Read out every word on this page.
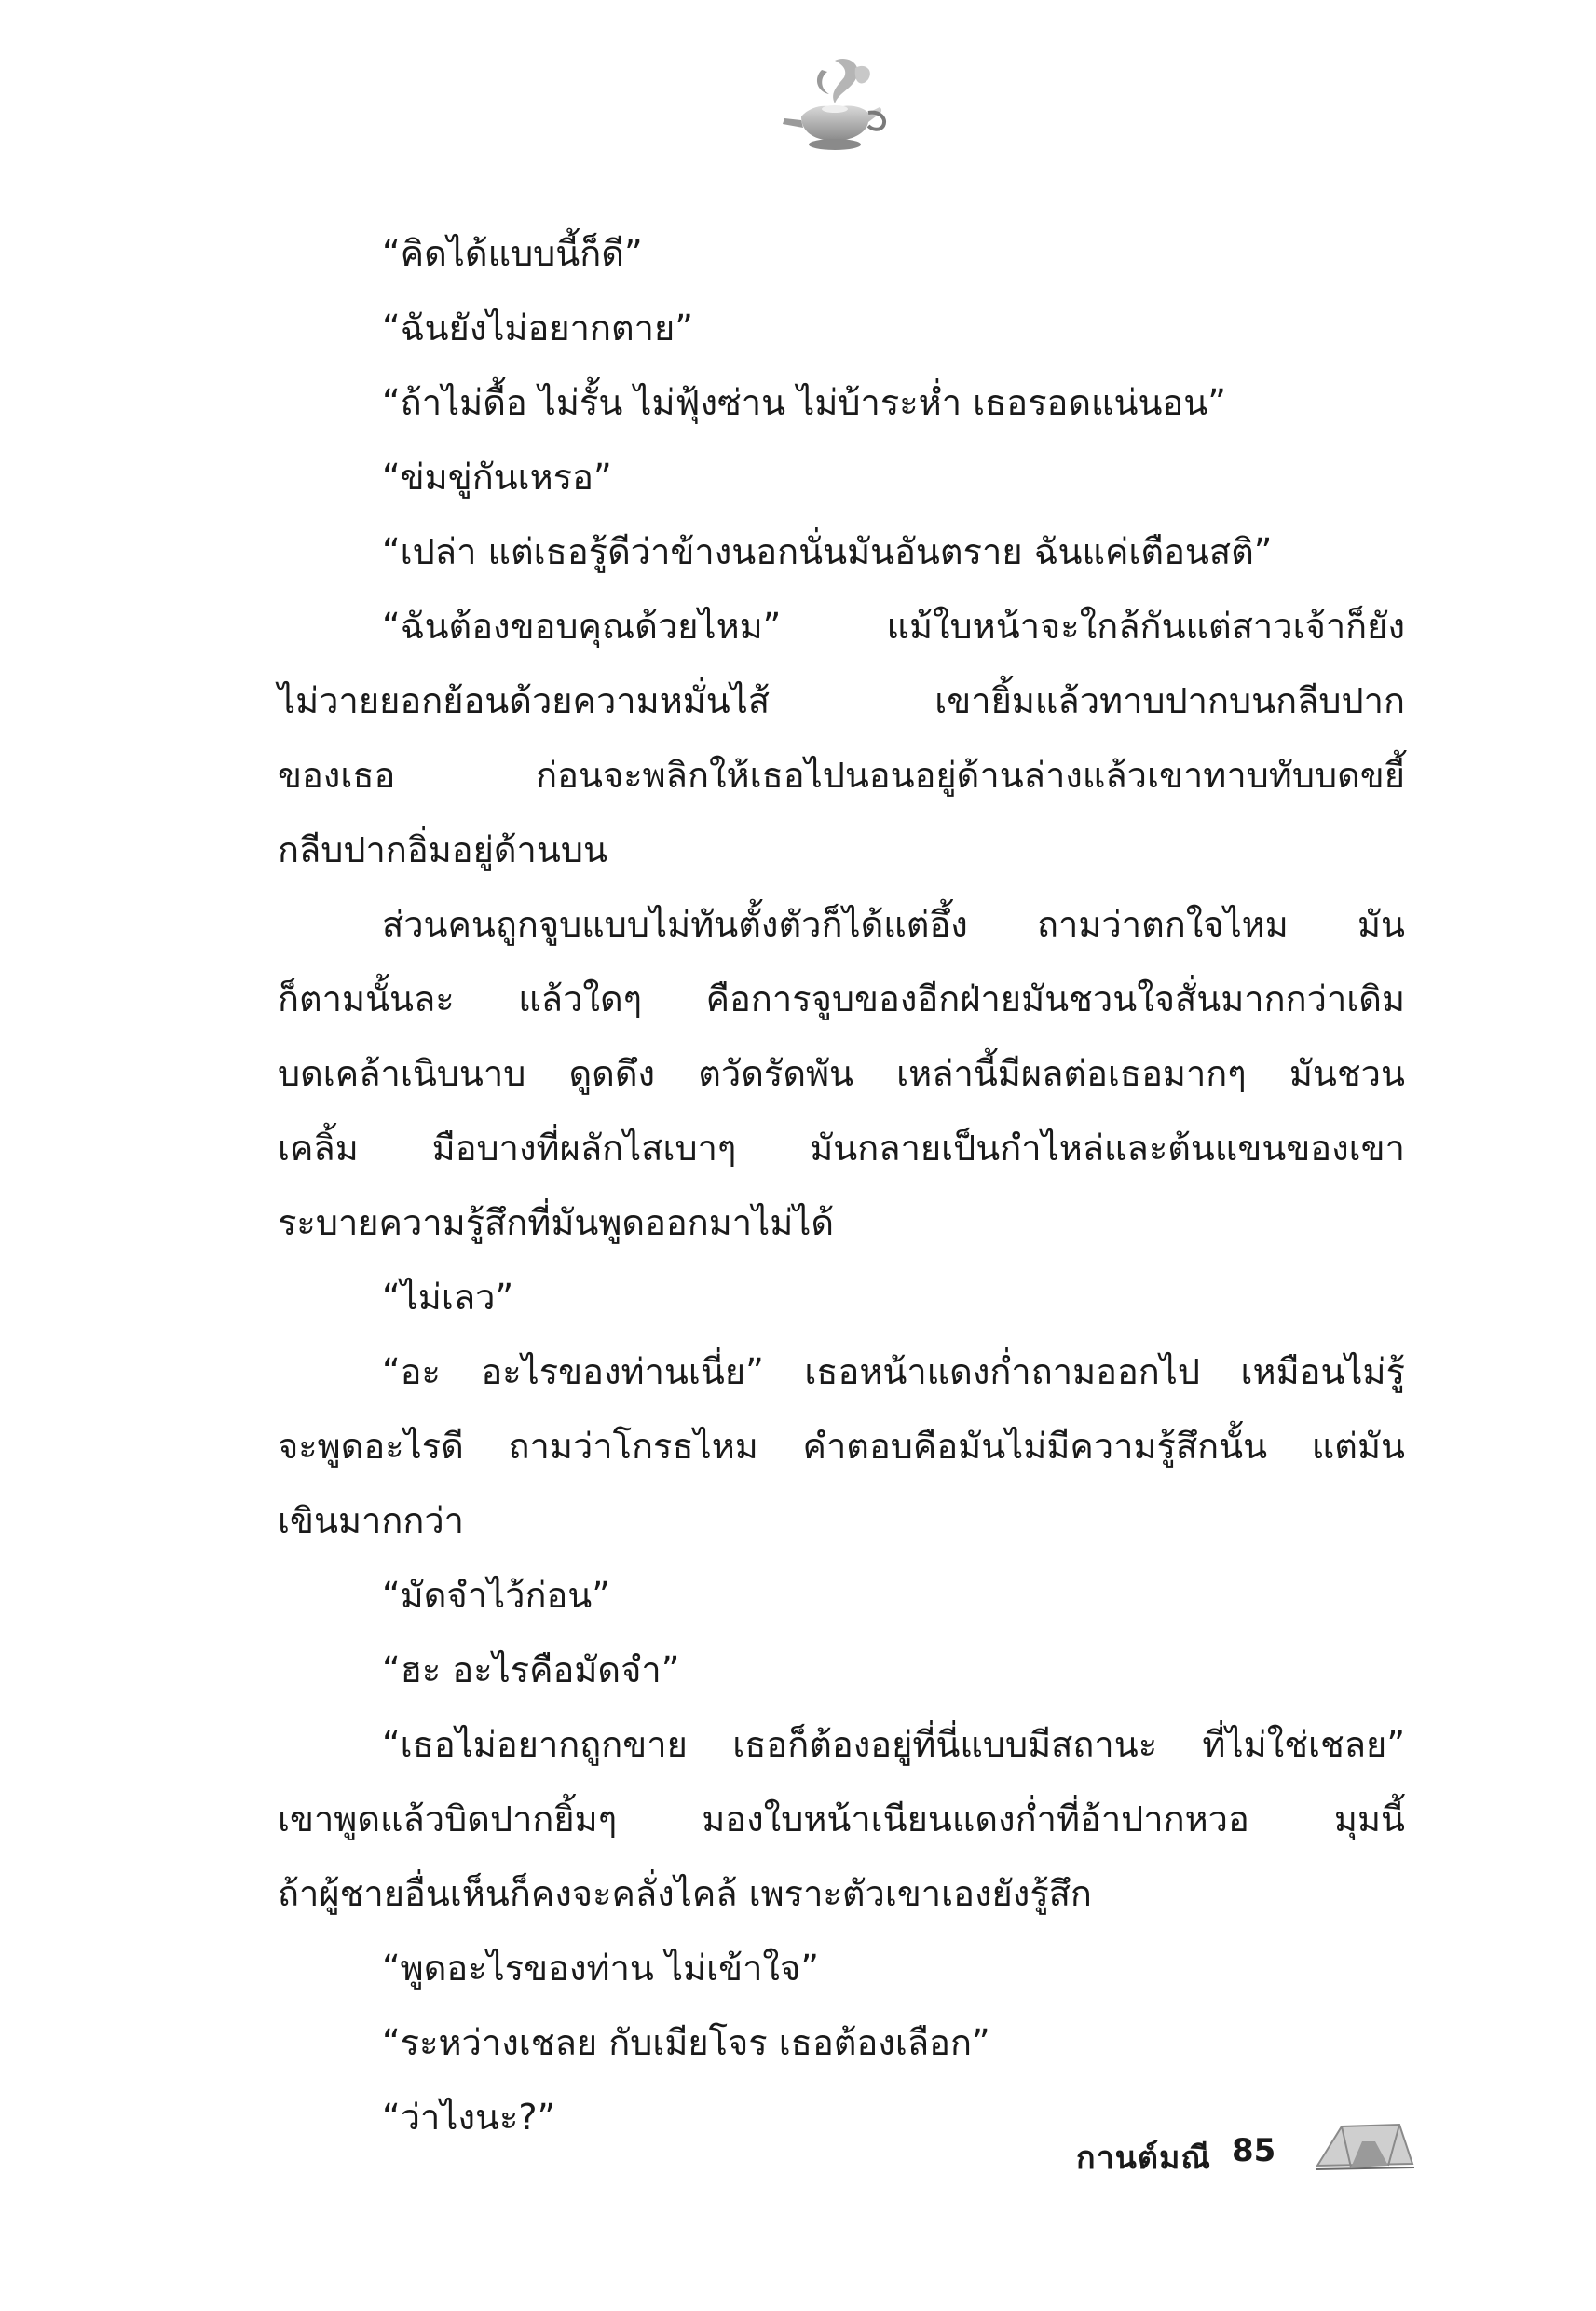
“คิดได้แบบนี้ก็ดี”
“ฉันยังไม่อยากตาย”
“ถ้าไม่ดื้อ ไม่รั้น ไม่ฟุ้งซ่าน ไม่บ้าระห่ำ เธอรอดแน่นอน”
“ข่มขู่กันเหรอ”
“เปล่า แต่เธอรู้ดีว่าข้างนอกนั่นมันอันตราย ฉันแค่เตือนสติ”
“ฉันต้องขอบคุณด้วยไหม” แม้ใบหน้าจะใกล้กันแต่สาวเจ้าก็ยัง
ไม่วายยอกย้อนด้วยความหมั่นไส้ เขายิ้มแล้วทาบปากบนกลีบปาก
ของเธอ ก่อนจะพลิกให้เธอไปนอนอยู่ด้านล่างแล้วเขาทาบทับบดขยี้
กลีบปากอิ่มอยู่ด้านบน
ส่วนคนถูกจูบแบบไม่ทันตั้งตัวก็ได้แต่อึ้ง ถามว่าตกใจไหม มัน
ก็ตามนั้นละ แล้วใดๆ คือการจูบของอีกฝ่ายมันชวนใจสั่นมากกว่าเดิม
บดเคล้าเนิบนาบ ดูดดึง ตวัดรัดพัน เหล่านี้มีผลต่อเธอมากๆ มันชวน
เคลิ้ม มือบางที่ผลักไสเบาๆ มันกลายเป็นกำไหล่และต้นแขนของเขา
ระบายความรู้สึกที่มันพูดออกมาไม่ได้
“ไม่เลว”
“อะ อะไรของท่านเนี่ย” เธอหน้าแดงก่ำถามออกไป เหมือนไม่รู้
จะพูดอะไรดี ถามว่าโกรธไหม คำตอบคือมันไม่มีความรู้สึกนั้น แต่มัน
เขินมากกว่า
“มัดจำไว้ก่อน”
“ฮะ อะไรคือมัดจำ”
“เธอไม่อยากถูกขาย เธอก็ต้องอยู่ที่นี่แบบมีสถานะ ที่ไม่ใช่เชลย”
เขาพูดแล้วบิดปากยิ้มๆ มองใบหน้าเนียนแดงก่ำที่อ้าปากหวอ มุมนี้
ถ้าผู้ชายอื่นเห็นก็คงจะคลั่งไคล้ เพราะตัวเขาเองยังรู้สึก
“พูดอะไรของท่าน ไม่เข้าใจ”
“ระหว่างเชลย กับเมียโจร เธอต้องเลือก”
“ว่าไงนะ?”
กานต์มณี 85
